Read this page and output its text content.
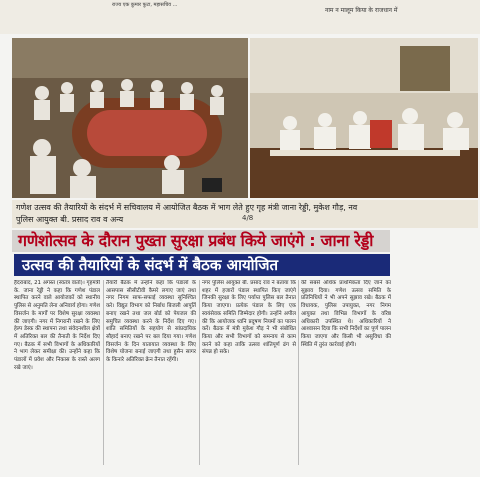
राज्य एक कुमार फुटा, महासचिव ...
नाम न मालूम किया के राजधान में
गणेश उत्सव की तैयारियों के संदर्भ में सचिवालय में आयोजित बैठक में भाग लेते हुए गृह मंत्री जाना रेड्डी, मुकेश गौड़, नव
पुलिस आयुक्त बी. प्रसाद राव व अन्य	4/8
गणेशोत्सव के दौरान पुख्ता सुरक्षा प्रबंध किये जाएंगे : जाना रेड्डी
उत्सव की तैयारियों के संदर्भ में बैठक आयोजित
हैदराबाद, 21 अगस्त (स्वतंत्र वार्ता)। गृहमंत्री के. जाना रेड्डी ने कहा कि गणेश पंडाल स्थापित करने वाले आयोजकों को स्थानीय पुलिस से अनुमति लेना अनिवार्य होगा। गणेश विसर्जन के मार्गों पर विशेष सुरक्षा व्यवस्था की जाएगी। नगर में निगरानी रखने के लिए हेल्प डेस्क की स्थापना तथा संवेदनशील क्षेत्रों में अतिरिक्त बल की तैनाती के निर्देश दिए गए। बैठक में सभी विभागों के अधिकारियों ने भाग लेकर समीक्षा की। उन्होंने कहा कि पंडालों में प्रवेश और निकास के रास्ते अलग रखे जाएं।
तैयारी बैठक में उन्होंने कहा कि पंडालों के आसपास सीसीटीवी कैमरे लगाए जाएं तथा नगर निगम साफ-सफाई व्यवस्था सुनिश्चित करे। विद्युत विभाग को निर्बाध बिजली आपूर्ति बनाए रखने तथा जल बोर्ड को पेयजल की समुचित व्यवस्था करने के निर्देश दिए गए। शांति समितियों के सहयोग से सांप्रदायिक सौहार्द बनाए रखने पर बल दिया गया। गणेश विसर्जन के दिन यातायात व्यवस्था के लिए विशेष योजना बनाई जाएगी तथा हुसैन सागर के किनारे अतिरिक्त क्रेन तैनात रहेंगी।
नगर पुलिस आयुक्त बी. प्रसाद राव ने बताया कि शहर में हजारों पंडाल स्थापित किए जाएंगे जिनकी सुरक्षा के लिए पर्याप्त पुलिस बल तैनात किया जाएगा। प्रत्येक पंडाल के लिए एक स्वयंसेवक समिति जिम्मेदार होगी। उन्होंने अपील की कि आयोजक ध्वनि प्रदूषण नियमों का पालन करें। बैठक में मंत्री मुकेश गौड़ ने भी संबोधित किया और सभी विभागों को समन्वय से काम करने को कहा ताकि उत्सव शांतिपूर्ण ढंग से संपन्न हो सके।
की सबसे अधिक प्राथमिकता दिए जाने का सुझाव दिया। गणेश उत्सव समिति के प्रतिनिधियों ने भी अपने सुझाव रखे। बैठक में विधायक, पुलिस उपायुक्त, नगर निगम आयुक्त तथा विभिन्न विभागों के वरिष्ठ अधिकारी उपस्थित थे। अधिकारियों ने आश्वासन दिया कि सभी निर्देशों का पूर्ण पालन किया जाएगा और किसी भी असुविधा की स्थिति में तुरंत कार्रवाई होगी।
